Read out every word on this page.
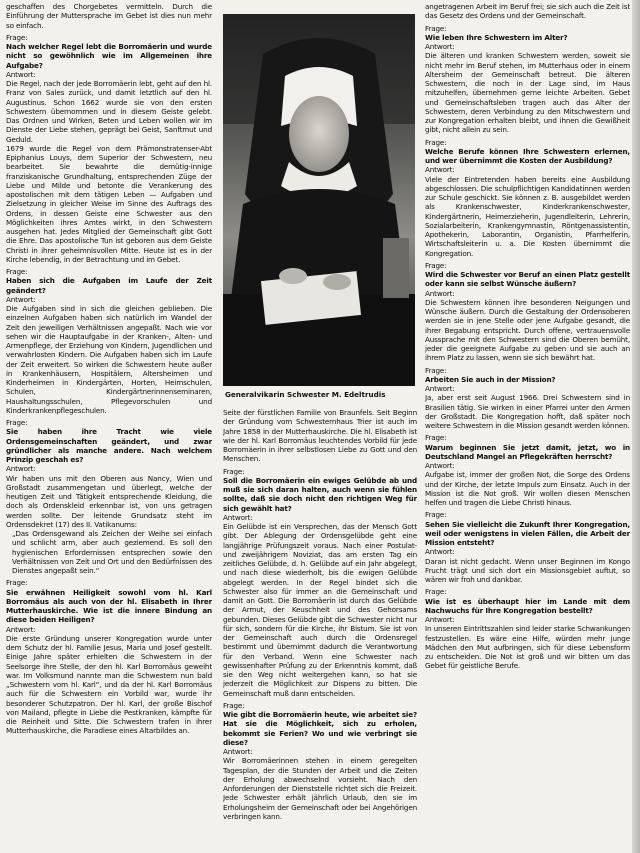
geschaffen des Chorgebetes vermitteln. Durch die Einführung der Muttersprache im Gebet ist dies nun mehr so einfach.
Frage:
Nach welcher Regel lebt die Borromäerin und wurde nicht so gewöhnlich wie im Allgemeinen ihre Aufgabe?
Antwort:
Die Regel, nach der jede Borromäerin lebt, geht auf den hl. Franz von Sales zurück, und damit letztlich auf den hl. Augustinus. Schon 1662 wurde sie von den ersten Schwestern übernommen und in diesem Geiste gelebt. Das Ordnen und Wirken, Beten und Leben wollen wir im Dienste der Liebe stehen, geprägt bei Geist, Sanftmut und Geduld.
1679 wurde die Regel von dem Prämonstratenser-Abt Epiphanius Louys, dem Superior der Schwestern, neu bearbeitet. Sie bewahrte die demütig-innige franziskanische Grundhaltung, entsprechenden Züge der Liebe und Milde und betonte die Verankerung des apostolischen mit dem tätigen Leben — Aufgaben und Zielsetzung in gleicher Weise im Sinne des Auftrags des Ordens, in dessen Geiste eine Schwester aus den Möglichkeiten ihres Amtes wirkt, in den Schwestern ausgehen hat. Jedes Mitglied der Gemeinschaft gibt Gott die Ehre. Das apostolische Tun ist geboren aus dem Geiste Christi in ihrer geheimnisvollen Mitte. Heute ist es in der Kirche lebendig, in der Betrachtung und im Gebet.
Frage:
Haben sich die Aufgaben im Laufe der Zeit geändert?
Antwort:
Die Aufgaben sind in sich die gleichen geblieben. Die einzelnen Aufgaben haben sich natürlich im Wandel der Zeit den jeweiligen Verhältnissen angepaßt. Nach wie vor sehen wir die Hauptaufgabe in der Kranken-, Alten- und Armenpflege, der Erziehung von Kindern, Jugendlichen und verwahrlosten Kindern. Die Aufgaben haben sich im Laufe der Zeit erweitert. So wirken die Schwestern heute außer in Krankenhäusern, Hospitälern, Altersheimen und Kinderheimen in Kindergärten, Horten, Heimschulen, Schulen, Kindergärtnerinnenseminaren, Haushaltungsschulen, Pflegevorschulen und Kinderkrankenpflegeschulen.
Frage:
Sie haben ihre Tracht wie viele Ordensgemeinschaften geändert, und zwar gründlicher als manche andere. Nach welchem Prinzip geschah es?
Antwort:
Wir haben uns mit den Oberen aus Nancy, Wien und Großstadt zusammengetan und überlegt, welche der heutigen Zeit und Tätigkeit entsprechende Kleidung, die doch als Ordenskleid erkennbar ist, von uns getragen werden sollte. Der leitende Grundsatz steht im Ordensdekret (17) des II. Vatikanums:
„Das Ordensgewand als Zeichen der Weihe sei einfach und schlicht arm, aber auch geziemend. Es soll den hygienischen Erfordernissen entsprechen sowie den Verhältnissen von Zeit und Ort und den Bedürfnissen des Dienstes angepaßt sein.“
Frage:
Sie erwähnen Heiligkeit sowohl vom hl. Karl Borromäus als auch von der hl. Elisabeth in Ihrer Mutterhauskirche. Wie ist die innere Bindung an diese beiden Heiligen?
Antwort:
Die erste Gründung unserer Kongregation wurde unter dem Schutz der hl. Familie Jesus, Maria und Josef gestellt. Einige Jahre später erhielten die Schwestern in der Seelsorge ihre Stelle, der den hl. Karl Borromäus geweiht war. Im Volksmund nannte man die Schwestern nun bald „Schwestern vom hl. Karl“, und da der hl. Karl Borromäus auch für die Schwestern ein Vorbild war, wurde ihr besonderer Schutzpatron. Der hl. Karl, der große Bischof von Mailand, pflegte in Liebe die Pestkranken, kämpfte für die Reinheit und Sitte. Die Schwestern trafen in ihrer Mutterhauskirche, die Paradiese eines Altarbildes an.
Generalvikarin Schwester M. Edeltrudis
Seite der fürstlichen Familie von Braunfels. Seit Beginn der Gründung vom Schwesternhaus Trier ist auch im Jahre 1858 in der Mutterhauskirche. Die hl. Elisabeth ist wie der hl. Karl Borromäus leuchtendes Vorbild für jede Borromäerin in ihrer selbstlosen Liebe zu Gott und den Menschen.
Frage:
Soll die Borromäerin ein ewiges Gelübde ab und muß sie sich daran halten, auch wenn sie fühlen sollte, daß sie doch nicht den richtigen Weg für sich gewählt hat?
Antwort:
Ein Gelübde ist ein Versprechen, das der Mensch Gott gibt. Der Ablegung der Ordensgelübde geht eine langjährige Prüfungszeit voraus. Nach einer Postulat- und zweijährigem Noviziat, das am ersten Tag ein zeitliches Gelübde, d. h. Gelübde auf ein Jahr abgelegt, und nach diese wiederholt, bis die ewigen Gelübde abgelegt werden. In der Regel bindet sich die Schwester also für immer an die Gemeinschaft und damit an Gott. Die Borromäerin ist durch das Gelübde der Armut, der Keuschheit und des Gehorsams gebunden. Dieses Gelübde gibt die Schwester nicht nur für sich, sondern für die Kirche, ihr Bistum. Sie ist von der Gemeinschaft auch durch die Ordensregel bestimmt und übernimmt dadurch die Verantwortung für den Verband. Wenn eine Schwester nach gewissenhafter Prüfung zu der Erkenntnis kommt, daß sie den Weg nicht weitergehen kann, so hat sie jederzeit die Möglichkeit zur Dispens zu bitten. Die Gemeinschaft muß dann entscheiden.
Frage:
Wie gibt die Borromäerin heute, wie arbeitet sie? Hat sie die Möglichkeit, sich zu erholen, bekommt sie Ferien? Wo und wie verbringt sie diese?
Antwort:
Wir Borromäerinnen stehen in einem geregelten Tagesplan, der die Stunden der Arbeit und die Zeiten der Erholung abwechselnd vorsieht. Nach den Anforderungen der Dienststelle richtet sich die Freizeit. Jede Schwester erhält jährlich Urlaub, den sie im Erholungsheim der Gemeinschaft oder bei Angehörigen verbringen kann.
angetragenen Arbeit im Beruf frei; sie sich auch die Zeit ist das Gesetz des Ordens und der Gemeinschaft.
Frage:
Wie leben Ihre Schwestern im Alter?
Antwort:
Die älteren und kranken Schwestern werden, soweit sie nicht mehr im Beruf stehen, im Mutterhaus oder in einem Altersheim der Gemeinschaft betreut. Die älteren Schwestern, die noch in der Lage sind, im Haus mitzuhelfen, übernehmen gerne leichte Arbeiten. Gebet und Gemeinschaftsleben tragen auch das Alter der Schwestern, deren Verbindung zu den Mitschwestern und zur Kongregation erhalten bleibt, und ihnen die Gewißheit gibt, nicht allein zu sein.
Frage:
Welche Berufe können Ihre Schwestern erlernen, und wer übernimmt die Kosten der Ausbildung?
Antwort:
Viele der Eintretenden haben bereits eine Ausbildung abgeschlossen. Die schulpflichtigen Kandidatinnen werden zur Schule geschickt. Sie können z. B. ausgebildet werden als Krankenschwester, Kinderkrankenschwester, Kindergärtnerin, Heimerzieherin, Jugendleiterin, Lehrerin, Sozialarbeiterin, Krankengymnastin, Röntgenassistentin, Apothekerin, Laborantin, Organistin, Pfarrhelferin, Wirtschaftsleiterin u. a. Die Kosten übernimmt die Kongregation.
Frage:
Wird die Schwester vor Beruf an einen Platz gestellt oder kann sie selbst Wünsche äußern?
Antwort:
Die Schwestern können ihre besonderen Neigungen und Wünsche äußern. Durch die Gestaltung der Ordensoberen werden sie in jene Stelle oder jene Aufgabe gesandt, die ihrer Begabung entspricht. Durch offene, vertrauensvolle Aussprache mit den Schwestern sind die Oberen bemüht, jeder die geeignete Aufgabe zu geben und sie auch an ihrem Platz zu lassen, wenn sie sich bewährt hat.
Frage:
Arbeiten Sie auch in der Mission?
Antwort:
Ja, aber erst seit August 1966. Drei Schwestern sind in Brasilien tätig. Sie wirken in einer Pfarrei unter den Armen der Großstadt. Die Kongregation hofft, daß später noch weitere Schwestern in die Mission gesandt werden können.
Frage:
Warum beginnen Sie jetzt damit, jetzt, wo in Deutschland Mangel an Pflegekräften herrscht?
Antwort:
Aufgabe ist, immer der großen Not, die Sorge des Ordens und der Kirche, der letzte Impuls zum Einsatz. Auch in der Mission ist die Not groß. Wir wollen diesen Menschen helfen und tragen die Liebe Christi hinaus.
Frage:
Sehen Sie vielleicht die Zukunft Ihrer Kongregation, weil oder wenigstens in vielen Fällen, die Arbeit der Mission entsteht?
Antwort:
Daran ist nicht gedacht. Wenn unser Beginnen im Kongo Frucht trägt und sich dort ein Missionsgebiet auftut, so wären wir froh und dankbar.
Frage:
Wie ist es überhaupt hier im Lande mit dem Nachwuchs für Ihre Kongregation bestellt?
Antwort:
In unseren Eintrittszahlen sind leider starke Schwankungen festzustellen. Es wäre eine Hilfe, würden mehr junge Mädchen den Mut aufbringen, sich für diese Lebensform zu entscheiden. Die Not ist groß und wir bitten um das Gebet für geistliche Berufe.
